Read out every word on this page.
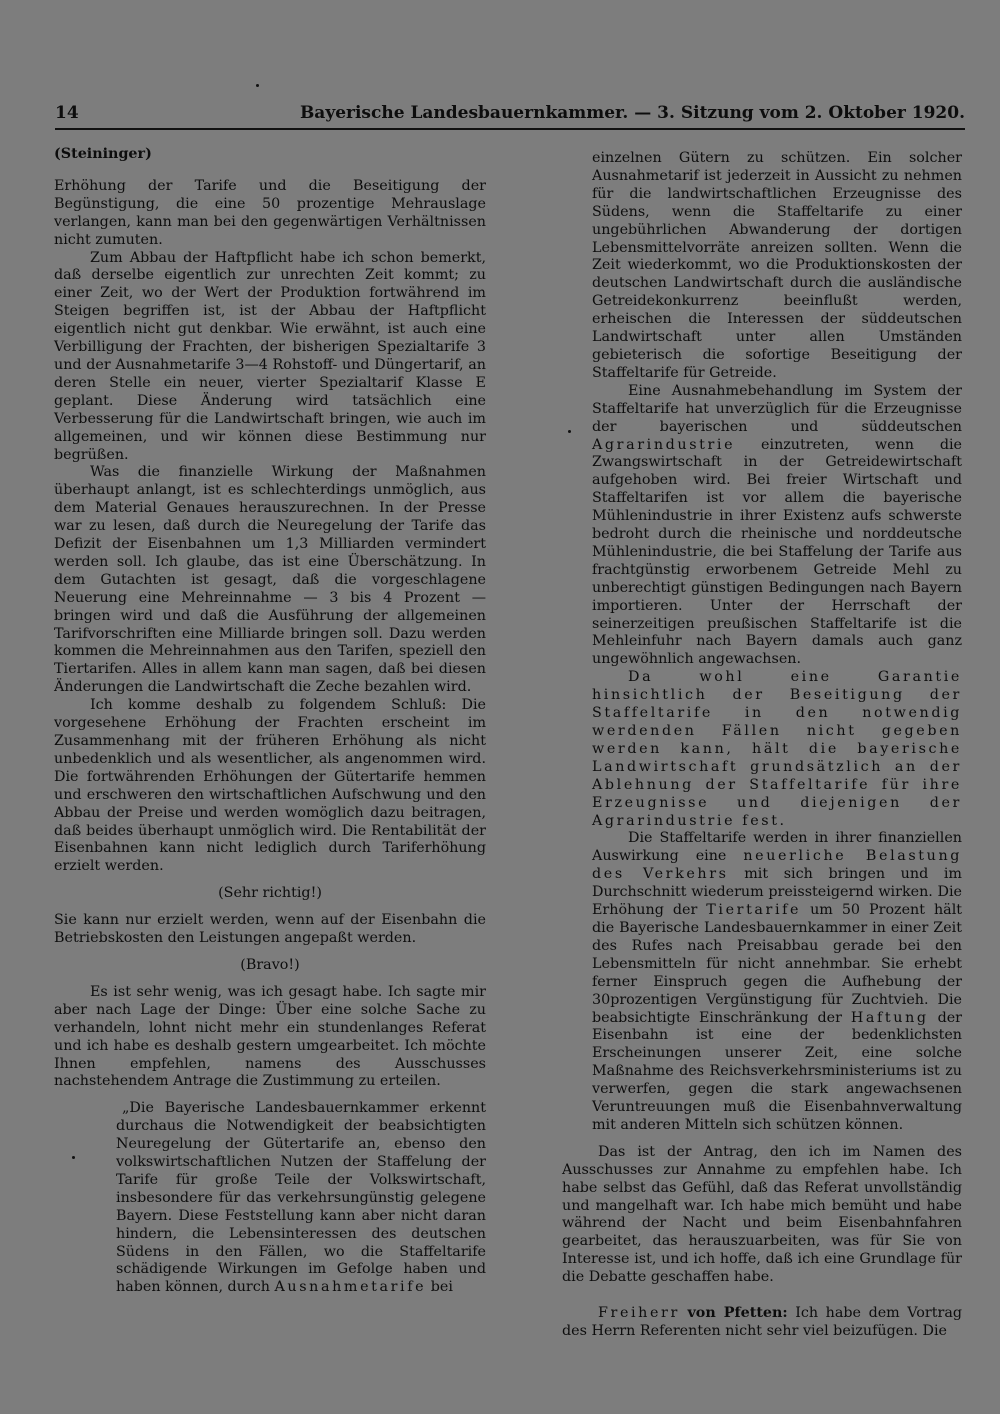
14	Bayerische Landesbauernkammer. — 3. Sitzung vom 2. Oktober 1920.

(Steininger)

Erhöhung der Tarife und die Beseitigung der Begünstigung, die eine 50 prozentige Mehrauslage verlangen, kann man bei den gegenwärtigen Verhältnissen nicht zumuten.

Zum Abbau der Haftpflicht habe ich schon bemerkt, daß derselbe eigentlich zur unrechten Zeit kommt; zu einer Zeit, wo der Wert der Produktion fortwährend im Steigen begriffen ist, ist der Abbau der Haftpflicht eigentlich nicht gut denkbar. Wie erwähnt, ist auch eine Verbilligung der Frachten, der bisherigen Spezialtarife 3 und der Ausnahmetarife 3—4 Rohstoff- und Düngertarif, an deren Stelle ein neuer, vierter Spezialtarif Klasse E geplant. Diese Änderung wird tatsächlich eine Verbesserung für die Landwirtschaft bringen, wie auch im allgemeinen, und wir können diese Bestimmung nur begrüßen.

Was die finanzielle Wirkung der Maßnahmen überhaupt anlangt, ist es schlechterdings unmöglich, aus dem Material Genaues herauszurechnen. In der Presse war zu lesen, daß durch die Neuregelung der Tarife das Defizit der Eisenbahnen um 1,3 Milliarden vermindert werden soll. Ich glaube, das ist eine Überschätzung. In dem Gutachten ist gesagt, daß die vorgeschlagene Neuerung eine Mehreinnahme — 3 bis 4 Prozent — bringen wird und daß die Ausführung der allgemeinen Tarifvorschriften eine Milliarde bringen soll. Dazu werden kommen die Mehreinnahmen aus den Tarifen, speziell den Tiertarifen. Alles in allem kann man sagen, daß bei diesen Änderungen die Landwirtschaft die Zeche bezahlen wird.

Ich komme deshalb zu folgendem Schluß: Die vorgesehene Erhöhung der Frachten erscheint im Zusammenhang mit der früheren Erhöhung als nicht unbedenklich und als wesentlicher, als angenommen wird. Die fortwährenden Erhöhungen der Gütertarife hemmen und erschweren den wirtschaftlichen Aufschwung und den Abbau der Preise und werden womöglich dazu beitragen, daß beides überhaupt unmöglich wird. Die Rentabilität der Eisenbahnen kann nicht lediglich durch Tariferhöhung erzielt werden.

(Sehr richtig!)

Sie kann nur erzielt werden, wenn auf der Eisenbahn die Betriebskosten den Leistungen angepaßt werden.

(Bravo!)

Es ist sehr wenig, was ich gesagt habe. Ich sagte mir aber nach Lage der Dinge: Über eine solche Sache zu verhandeln, lohnt nicht mehr ein stundenlanges Referat und ich habe es deshalb gestern umgearbeitet. Ich möchte Ihnen empfehlen, namens des Ausschusses nachstehendem Antrage die Zustimmung zu erteilen.

„Die Bayerische Landesbauernkammer erkennt durchaus die Notwendigkeit der beabsichtigten Neuregelung der Gütertarife an, ebenso den volkswirtschaftlichen Nutzen der Staffelung der Tarife für große Teile der Volkswirtschaft, insbesondere für das verkehrsungünstig gelegene Bayern. Diese Feststellung kann aber nicht daran hindern, die Lebensinteressen des deutschen Südens in den Fällen, wo die Staffeltarife schädigende Wirkungen im Gefolge haben und haben können, durch Ausnahmetarife bei

einzelnen Gütern zu schützen. Ein solcher Ausnahmetarif ist jederzeit in Aussicht zu nehmen für die landwirtschaftlichen Erzeugnisse des Südens, wenn die Staffeltarife zu einer ungebührlichen Abwanderung der dortigen Lebensmittelvorräte anreizen sollten. Wenn die Zeit wiederkommt, wo die Produktionskosten der deutschen Landwirtschaft durch die ausländische Getreidekonkurrenz beeinflußt werden, erheischen die Interessen der süddeutschen Landwirtschaft unter allen Umständen gebieterisch die sofortige Beseitigung der Staffeltarife für Getreide.

Eine Ausnahmebehandlung im System der Staffeltarife hat unverzüglich für die Erzeugnisse der bayerischen und süddeutschen Agrarindustrie einzutreten, wenn die Zwangswirtschaft in der Getreidewirtschaft aufgehoben wird. Bei freier Wirtschaft und Staffeltarifen ist vor allem die bayerische Mühlenindustrie in ihrer Existenz aufs schwerste bedroht durch die rheinische und norddeutsche Mühlenindustrie, die bei Staffelung der Tarife aus frachtgünstig erworbenem Getreide Mehl zu unberechtigt günstigen Bedingungen nach Bayern importieren. Unter der Herrschaft der seinerzeitigen preußischen Staffeltarife ist die Mehleinfuhr nach Bayern damals auch ganz ungewöhnlich angewachsen.

Da wohl eine Garantie hinsichtlich der Beseitigung der Staffeltarife in den notwendig werdenden Fällen nicht gegeben werden kann, hält die bayerische Landwirtschaft grundsätzlich an der Ablehnung der Staffeltarife für ihre Erzeugnisse und diejenigen der Agrarindustrie fest.

Die Staffeltarife werden in ihrer finanziellen Auswirkung eine neuerliche Belastung des Verkehrs mit sich bringen und im Durchschnitt wiederum preissteigernd wirken. Die Erhöhung der Tiertarife um 50 Prozent hält die Bayerische Landesbauernkammer in einer Zeit des Rufes nach Preisabbau gerade bei den Lebensmitteln für nicht annehmbar. Sie erhebt ferner Einspruch gegen die Aufhebung der 30prozentigen Vergünstigung für Zuchtvieh. Die beabsichtigte Einschränkung der Haftung der Eisenbahn ist eine der bedenklichsten Erscheinungen unserer Zeit, eine solche Maßnahme des Reichsverkehrsministeriums ist zu verwerfen, gegen die stark angewachsenen Veruntreuungen muß die Eisenbahnverwaltung mit anderen Mitteln sich schützen können.

Das ist der Antrag, den ich im Namen des Ausschusses zur Annahme zu empfehlen habe. Ich habe selbst das Gefühl, daß das Referat unvollständig und mangelhaft war. Ich habe mich bemüht und habe während der Nacht und beim Eisenbahnfahren gearbeitet, das herauszuarbeiten, was für Sie von Interesse ist, und ich hoffe, daß ich eine Grundlage für die Debatte geschaffen habe.

Freiherr von Pfetten: Ich habe dem Vortrag des Herrn Referenten nicht sehr viel beizufügen. Die
